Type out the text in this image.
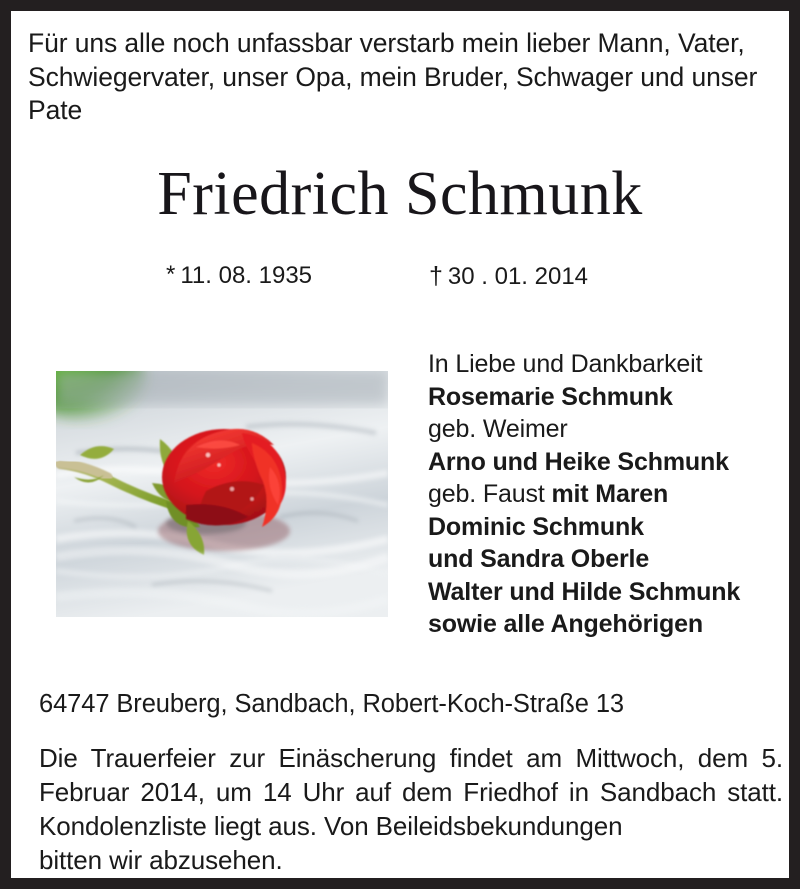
Für uns alle noch unfassbar verstarb mein lieber Mann, Vater, Schwiegervater, unser Opa, mein Bruder, Schwager und unser Pate
Friedrich Schmunk
* 11. 08. 1935	† 30 . 01. 2014
In Liebe und Dankbarkeit
Rosemarie Schmunk
geb. Weimer
Arno und Heike Schmunk
geb. Faust mit Maren
Dominic Schmunk
und Sandra Oberle
Walter und Hilde Schmunk
sowie alle Angehörigen
64747 Breuberg, Sandbach, Robert-Koch-Straße 13
Die Trauerfeier zur Einäscherung findet am Mittwoch, dem 5. Februar 2014, um 14 Uhr auf dem Friedhof in Sandbach statt. Kondolenzliste liegt aus. Von Beileidsbekundungen
bitten wir abzusehen.
